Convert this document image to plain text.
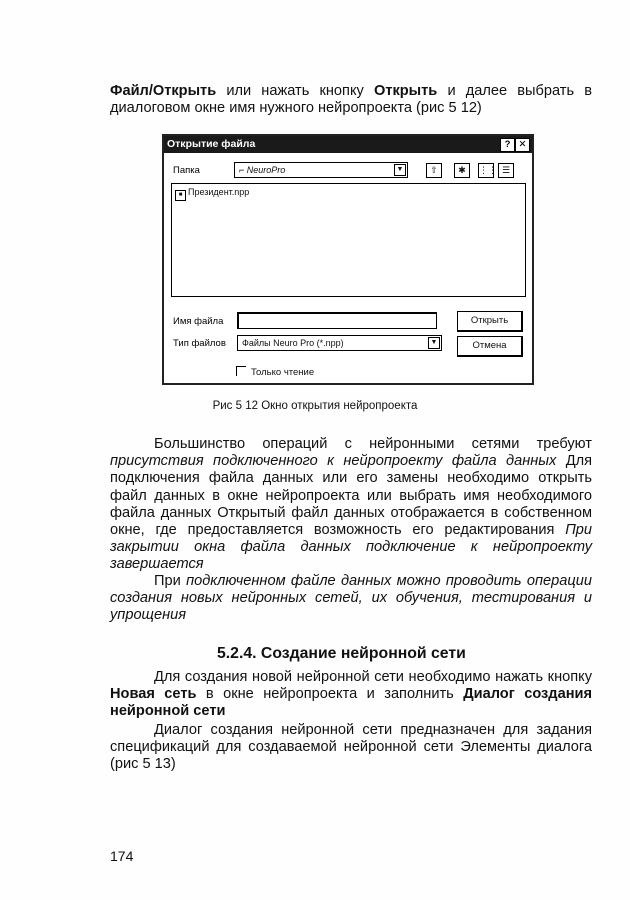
Файл/Открыть или нажать кнопку Открыть и далее выбрать в диалоговом окне имя нужного нейропроекта (рис 5 12)
Открытие файла	? ✕
Папка	⌐ NeuroPro	▼	⇧	✱	⋮⋮ ☰
■ Президент.npp
Имя файла	Открыть
Тип файлов	Файлы Neuro Pro (*.npp)	▼	Отмена
Только чтение
Рис 5 12 Окно открытия нейропроекта
Большинство операций с нейронными сетями требуют присутствия подключенного к нейропроекту файла данных Для подключения файла данных или его замены необходимо открыть файл данных в окне нейропроекта или выбрать имя необходимого файла данных Открытый файл данных отображается в собственном окне, где предоставляется возможность его редактирования При закрытии окна файла данных подключение к нейропроекту завершается
При подключенном файле данных можно проводить операции создания новых нейронных сетей, их обучения, тестирования и упрощения
5.2.4. Создание нейронной сети
Для создания новой нейронной сети необходимо нажать кнопку Новая сеть в окне нейропроекта и заполнить Диалог создания нейронной сети
Диалог создания нейронной сети предназначен для задания спецификаций для создаваемой нейронной сети Элементы диалога (рис 5 13)
174
